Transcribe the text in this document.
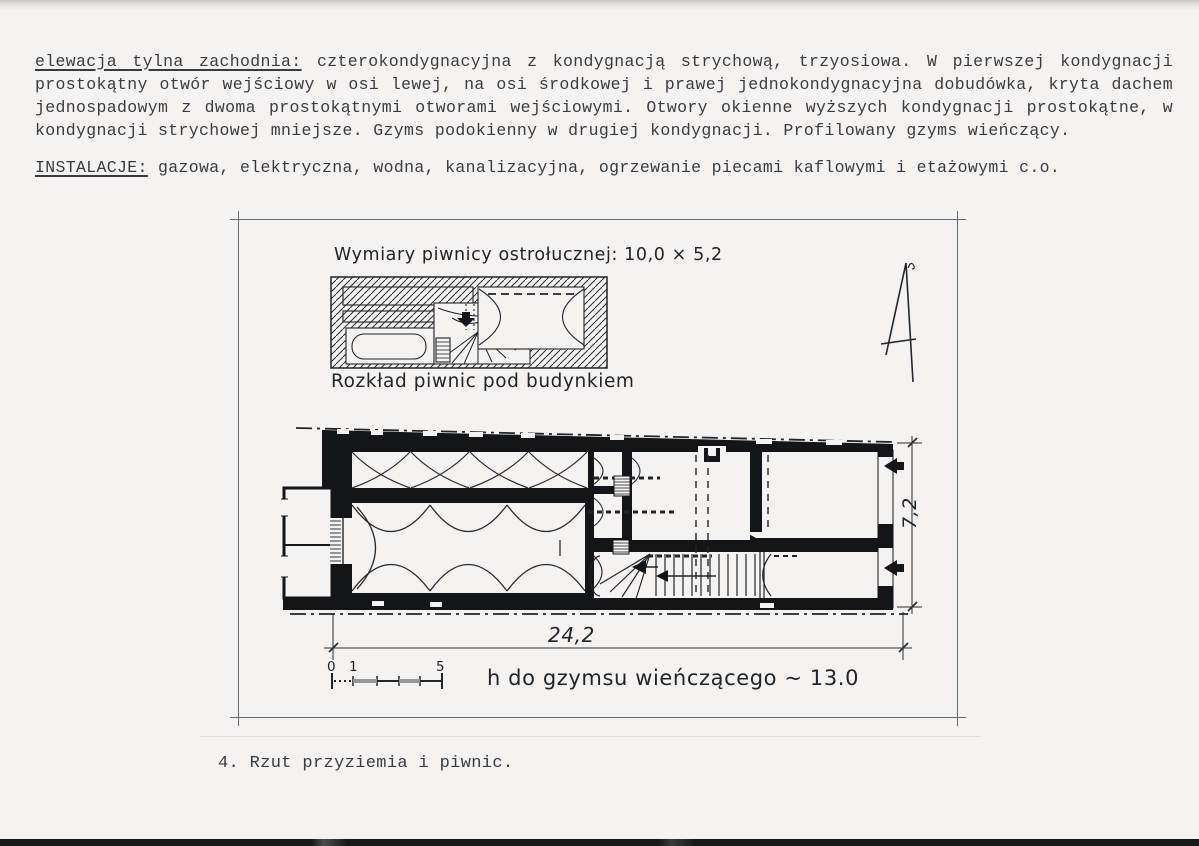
elewacja tylna zachodnia: czterokondygnacyjna z kondygnacją strychową, trzyosiowa. W pierwszej kondygnacji prostokątny otwór wejściowy w osi lewej, na osi środkowej i prawej jednokondygnacyjna dobudówka, kryta dachem jednospadowym z dwoma prostokątnymi otworami wejściowymi. Otwory okienne wyższych kondygnacji prostokątne, w kondygnacji strychowej mniejsze. Gzyms podokienny w drugiej kondygnacji. Profilowany gzyms wieńczący.

INSTALACJE: gazowa, elektryczna, wodna, kanalizacyjna, ogrzewanie piecami kaflowymi i etażowymi c.o.

Wymiary piwnicy ostrołucznej: 10,0 × 5,2
Rozkład piwnic pod budynkiem
24,2
7,2
h do gzymsu wieńczącego ~ 13.0
0 1	5

4. Rzut przyziemia i piwnic.
